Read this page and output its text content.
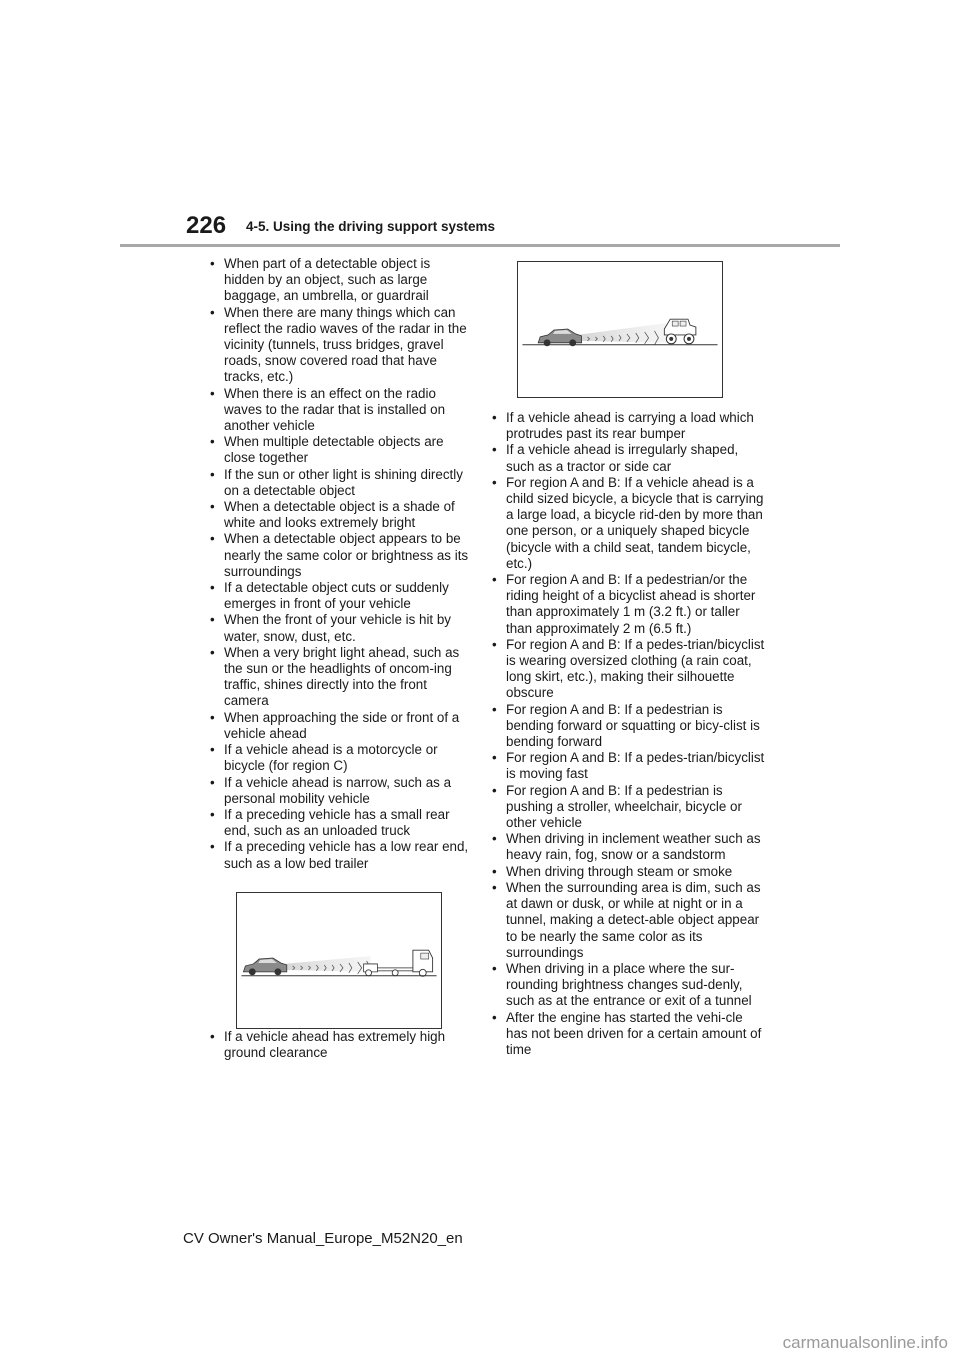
226 4-5. Using the driving support systems
• When part of a detectable object is hidden by an object, such as large baggage, an umbrella, or guardrail
• When there are many things which can reflect the radio waves of the radar in the vicinity (tunnels, truss bridges, gravel roads, snow covered road that have tracks, etc.)
• When there is an effect on the radio waves to the radar that is installed on another vehicle
• When multiple detectable objects are close together
• If the sun or other light is shining directly on a detectable object
• When a detectable object is a shade of white and looks extremely bright
• When a detectable object appears to be nearly the same color or brightness as its surroundings
• If a detectable object cuts or suddenly emerges in front of your vehicle
• When the front of your vehicle is hit by water, snow, dust, etc.
• When a very bright light ahead, such as the sun or the headlights of oncom-ing traffic, shines directly into the front camera
• When approaching the side or front of a vehicle ahead
• If a vehicle ahead is a motorcycle or bicycle (for region C)
• If a vehicle ahead is narrow, such as a personal mobility vehicle
• If a preceding vehicle has a small rear end, such as an unloaded truck
• If a preceding vehicle has a low rear end, such as a low bed trailer
• If a vehicle ahead has extremely high ground clearance
• If a vehicle ahead is carrying a load which protrudes past its rear bumper
• If a vehicle ahead is irregularly shaped, such as a tractor or side car
• For region A and B: If a vehicle ahead is a child sized bicycle, a bicycle that is carrying a large load, a bicycle rid-den by more than one person, or a uniquely shaped bicycle (bicycle with a child seat, tandem bicycle, etc.)
• For region A and B: If a pedestrian/or the riding height of a bicyclist ahead is shorter than approximately 1 m (3.2 ft.) or taller than approximately 2 m (6.5 ft.)
• For region A and B: If a pedes-trian/bicyclist is wearing oversized clothing (a rain coat, long skirt, etc.), making their silhouette obscure
• For region A and B: If a pedestrian is bending forward or squatting or bicy-clist is bending forward
• For region A and B: If a pedes-trian/bicyclist is moving fast
• For region A and B: If a pedestrian is pushing a stroller, wheelchair, bicycle or other vehicle
• When driving in inclement weather such as heavy rain, fog, snow or a sandstorm
• When driving through steam or smoke
• When the surrounding area is dim, such as at dawn or dusk, or while at night or in a tunnel, making a detect-able object appear to be nearly the same color as its surroundings
• When driving in a place where the sur-rounding brightness changes sud-denly, such as at the entrance or exit of a tunnel
• After the engine has started the vehi-cle has not been driven for a certain amount of time
CV Owner's Manual_Europe_M52N20_en
carmanualsonline.info
